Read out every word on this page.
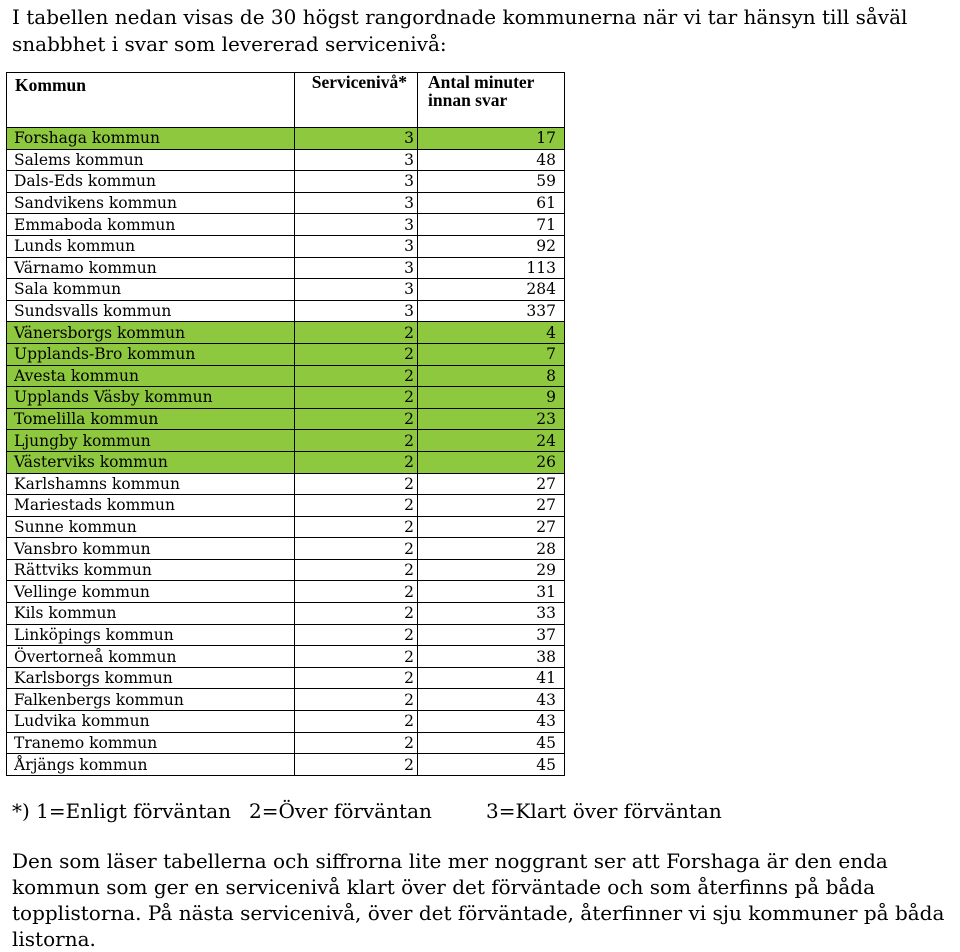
I tabellen nedan visas de 30 högst rangordnade kommunerna när vi tar hänsyn till såväl snabbhet i svar som levererad servicenivå:
Kommun	Servicenivå*	Antal minuter innan svar
Forshaga kommun	3	17
Salems kommun	3	48
Dals-Eds kommun	3	59
Sandvikens kommun	3	61
Emmaboda kommun	3	71
Lunds kommun	3	92
Värnamo kommun	3	113
Sala kommun	3	284
Sundsvalls kommun	3	337
Vänersborgs kommun	2	4
Upplands-Bro kommun	2	7
Avesta kommun	2	8
Upplands Väsby kommun	2	9
Tomelilla kommun	2	23
Ljungby kommun	2	24
Västerviks kommun	2	26
Karlshamns kommun	2	27
Mariestads kommun	2	27
Sunne kommun	2	27
Vansbro kommun	2	28
Rättviks kommun	2	29
Vellinge kommun	2	31
Kils kommun	2	33
Linköpings kommun	2	37
Övertorneå kommun	2	38
Karlsborgs kommun	2	41
Falkenbergs kommun	2	43
Ludvika kommun	2	43
Tranemo kommun	2	45
Årjängs kommun	2	45
*) 1=Enligt förväntan 2=Över förväntan	3=Klart över förväntan
Den som läser tabellerna och siffrorna lite mer noggrant ser att Forshaga är den enda kommun som ger en servicenivå klart över det förväntade och som återfinns på båda topplistorna. På nästa servicenivå, över det förväntade, återfinner vi sju kommuner på båda listorna.
